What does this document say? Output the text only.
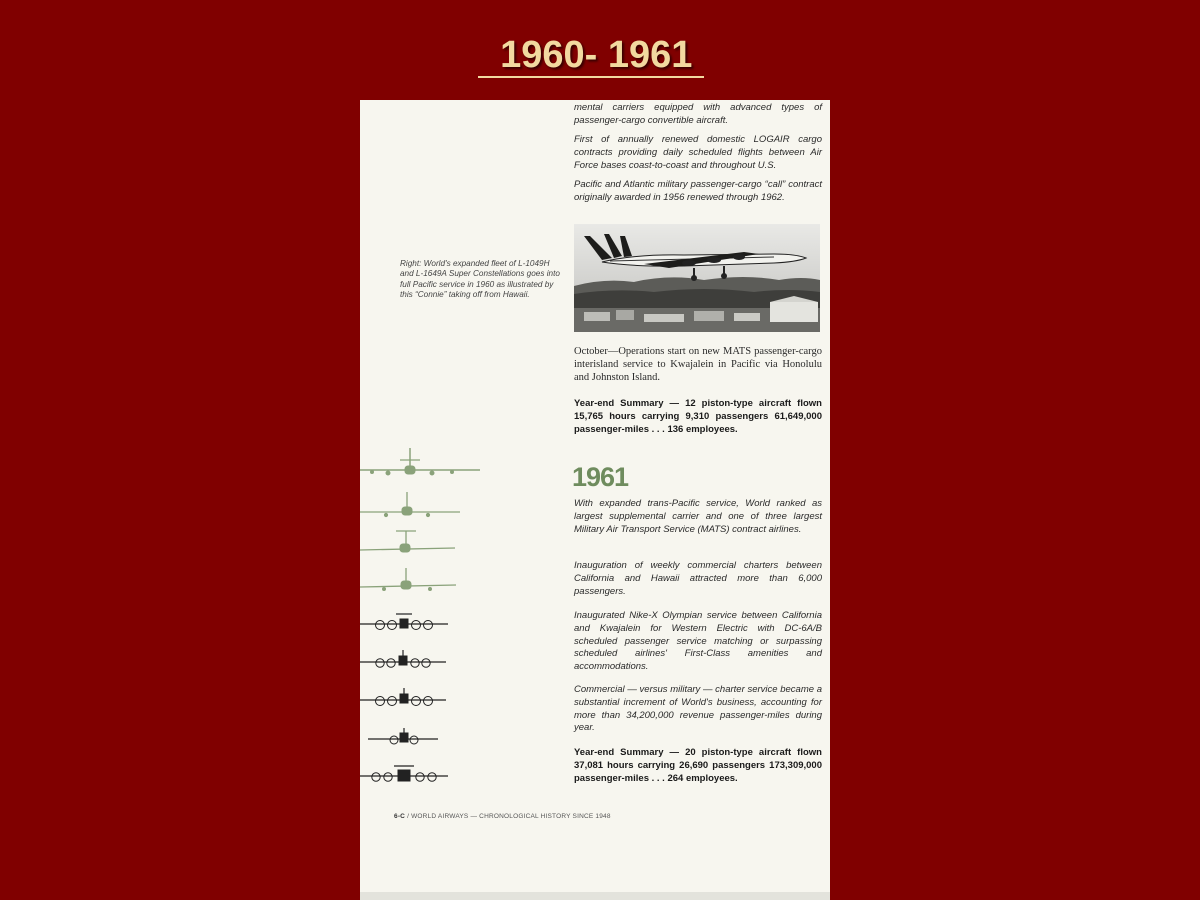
1960- 1961

mental carriers equipped with advanced types of passenger-cargo convertible aircraft.

First of annually renewed domestic LOGAIR cargo contracts providing daily scheduled flights between Air Force bases coast-to-coast and throughout U.S.

Pacific and Atlantic military passenger-cargo “call” contract originally awarded in 1956 renewed through 1962.

Right: World's expanded fleet of L-1049H and L-1649A Super Constellations goes into full Pacific service in 1960 as illustrated by this “Connie” taking off from Hawaii.

October—Operations start on new MATS passenger-cargo interisland service to Kwajalein in Pacific via Honolulu and Johnston Island.

Year-end Summary — 12 piston-type aircraft flown 15,765 hours carrying 9,310 passengers 61,649,000 passenger-miles . . . 136 employees.

1961

With expanded trans-Pacific service, World ranked as largest supplemental carrier and one of three largest Military Air Transport Service (MATS) contract airlines.

Inauguration of weekly commercial charters between California and Hawaii attracted more than 6,000 passengers.

Inaugurated Nike-X Olympian service between California and Kwajalein for Western Electric with DC-6A/B scheduled passenger service matching or surpassing scheduled airlines' First-Class amenities and accommodations.

Commercial — versus military — charter service became a substantial increment of World's business, accounting for more than 34,200,000 revenue passenger-miles during year.

Year-end Summary — 20 piston-type aircraft flown 37,081 hours carrying 26,690 passengers 173,309,000 passenger-miles . . . 264 employees.

6-C / WORLD AIRWAYS — CHRONOLOGICAL HISTORY SINCE 1948
